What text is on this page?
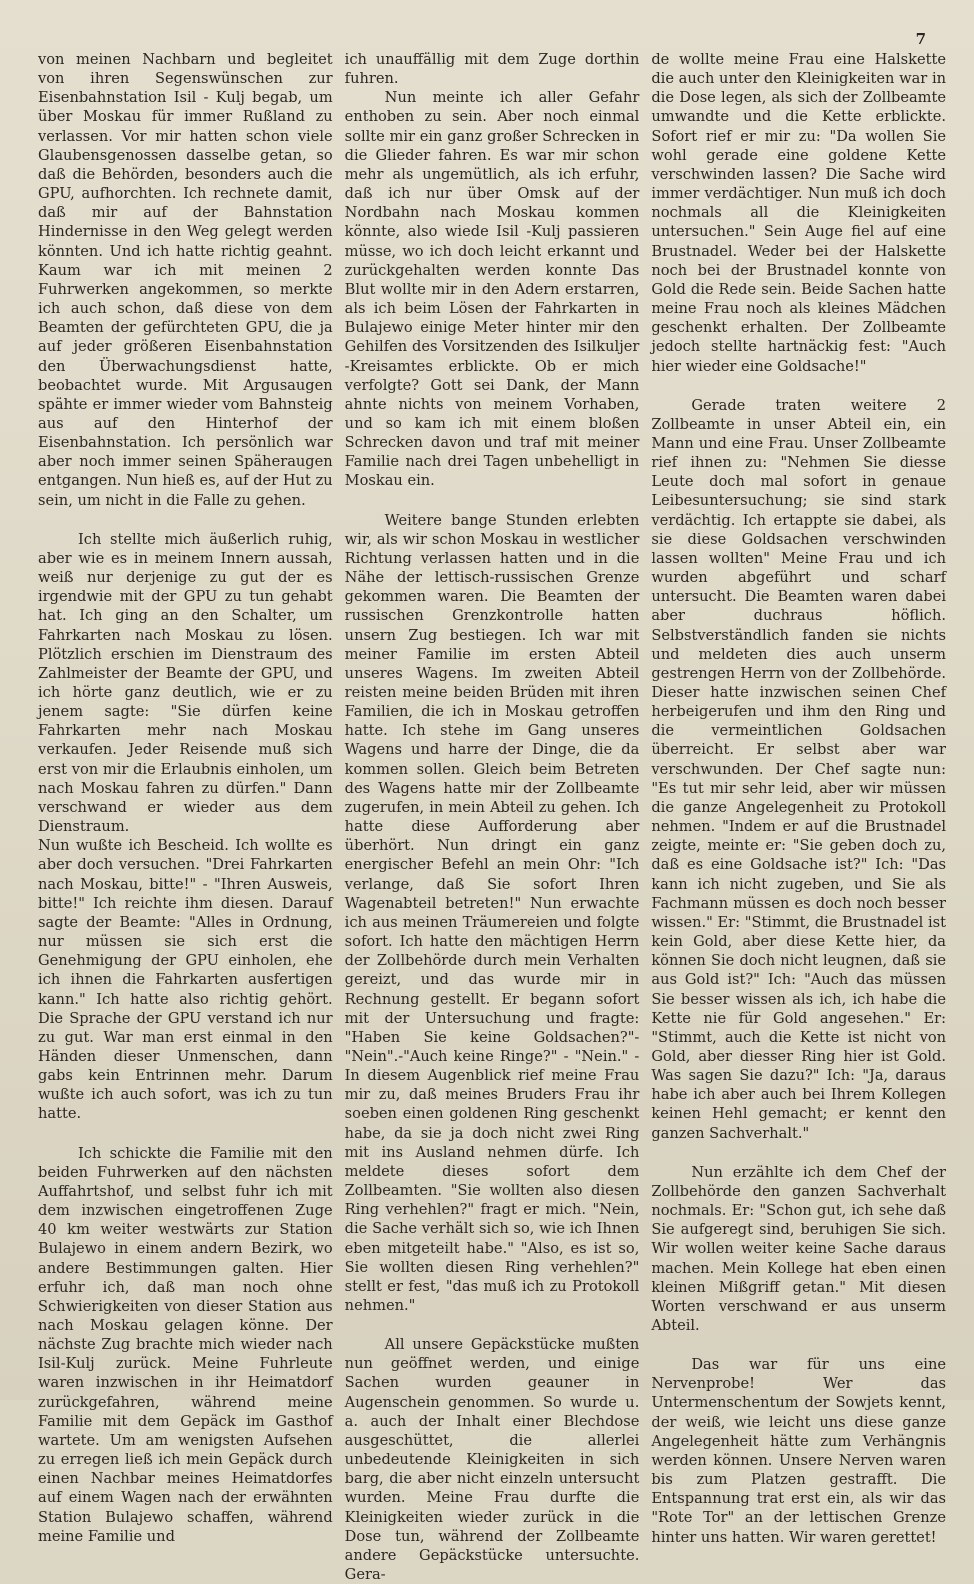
7

von meinen Nachbarn und begleitet von ihren Segenswünschen zur Eisenbahnstation Isil - Kulj begab, um über Moskau für immer Rußland zu verlassen. Vor mir hatten schon viele Glaubensgenossen dasselbe getan, so daß die Behörden, besonders auch die GPU, aufhorchten. Ich rechnete damit, daß mir auf der Bahnstation Hindernisse in den Weg gelegt werden könnten. Und ich hatte richtig geahnt. Kaum war ich mit meinen 2 Fuhrwerken angekommen, so merkte ich auch schon, daß diese von dem Beamten der gefürchteten GPU, die ja auf jeder größeren Eisenbahnstation den Überwachungsdienst hatte, beobachtet wurde. Mit Argusaugen spähte er immer wieder vom Bahnsteig aus auf den Hinterhof der Eisenbahnstation. Ich persönlich war aber noch immer seinen Späheraugen entgangen. Nun hieß es, auf der Hut zu sein, um nicht in die Falle zu gehen.

Ich stellte mich äußerlich ruhig, aber wie es in meinem Innern aussah, weiß nur derjenige zu gut der es irgendwie mit der GPU zu tun gehabt hat. Ich ging an den Schalter, um Fahrkarten nach Moskau zu lösen. Plötzlich erschien im Dienstraum des Zahlmeister der Beamte der GPU, und ich hörte ganz deutlich, wie er zu jenem sagte: "Sie dürfen keine Fahrkarten mehr nach Moskau verkaufen. Jeder Reisende muß sich erst von mir die Erlaubnis einholen, um nach Moskau fahren zu dürfen." Dann verschwand er wieder aus dem Dienstraum.

Nun wußte ich Bescheid. Ich wollte es aber doch versuchen. "Drei Fahrkarten nach Moskau, bitte!" - "Ihren Ausweis, bitte!" Ich reichte ihm diesen. Darauf sagte der Beamte: "Alles in Ordnung, nur müssen sie sich erst die Genehmigung der GPU einholen, ehe ich ihnen die Fahrkarten ausfertigen kann." Ich hatte also richtig gehört. Die Sprache der GPU verstand ich nur zu gut. War man erst einmal in den Händen dieser Unmenschen, dann gabs kein Entrinnen mehr. Darum wußte ich auch sofort, was ich zu tun hatte.

Ich schickte die Familie mit den beiden Fuhrwerken auf den nächsten Auffahrtshof, und selbst fuhr ich mit dem inzwischen eingetroffenen Zuge 40 km weiter westwärts zur Station Bulajewo in einem andern Bezirk, wo andere Bestimmungen galten. Hier erfuhr ich, daß man noch ohne Schwierigkeiten von dieser Station aus nach Moskau gelagen könne. Der nächste Zug brachte mich wieder nach Isil-Kulj zurück. Meine Fuhrleute waren inzwischen in ihr Heimatdorf zurückgefahren, während meine Familie mit dem Gepäck im Gasthof wartete. Um am wenigsten Aufsehen zu erregen ließ ich mein Gepäck durch einen Nachbar meines Heimatdorfes auf einem Wagen nach der erwähnten Station Bulajewo schaffen, während meine Familie und

ich unauffällig mit dem Zuge dorthin fuhren.

Nun meinte ich aller Gefahr enthoben zu sein. Aber noch einmal sollte mir ein ganz großer Schrecken in die Glieder fahren. Es war mir schon mehr als ungemütlich, als ich erfuhr, daß ich nur über Omsk auf der Nordbahn nach Moskau kommen könnte, also wiede Isil -Kulj passieren müsse, wo ich doch leicht erkannt und zurückgehalten werden konnte Das Blut wollte mir in den Adern erstarren, als ich beim Lösen der Fahrkarten in Bulajewo einige Meter hinter mir den Gehilfen des Vorsitzenden des Isilkuljer -Kreisamtes erblickte. Ob er mich verfolgte? Gott sei Dank, der Mann ahnte nichts von meinem Vorhaben, und so kam ich mit einem bloßen Schrecken davon und traf mit meiner Familie nach drei Tagen unbehelligt in Moskau ein.

Weitere bange Stunden erlebten wir, als wir schon Moskau in westlicher Richtung verlassen hatten und in die Nähe der lettisch-russischen Grenze gekommen waren. Die Beamten der russischen Grenzkontrolle hatten unsern Zug bestiegen. Ich war mit meiner Familie im ersten Abteil unseres Wagens. Im zweiten Abteil reisten meine beiden Brüden mit ihren Familien, die ich in Moskau getroffen hatte. Ich stehe im Gang unseres Wagens und harre der Dinge, die da kommen sollen. Gleich beim Betreten des Wagens hatte mir der Zollbeamte zugerufen, in mein Abteil zu gehen. Ich hatte diese Aufforderung aber überhört. Nun dringt ein ganz energischer Befehl an mein Ohr: "Ich verlange, daß Sie sofort Ihren Wagenabteil betreten!" Nun erwachte ich aus meinen Träumereien und folgte sofort. Ich hatte den mächtigen Herrn der Zollbehörde durch mein Verhalten gereizt, und das wurde mir in Rechnung gestellt. Er begann sofort mit der Untersuchung und fragte: "Haben Sie keine Goldsachen?"-"Nein".-"Auch keine Ringe?" - "Nein." - In diesem Augenblick rief meine Frau mir zu, daß meines Bruders Frau ihr soeben einen goldenen Ring geschenkt habe, da sie ja doch nicht zwei Ring mit ins Ausland nehmen dürfe. Ich meldete dieses sofort dem Zollbeamten. "Sie wollten also diesen Ring verhehlen?" fragt er mich. "Nein, die Sache verhält sich so, wie ich Ihnen eben mitgeteilt habe." "Also, es ist so, Sie wollten diesen Ring verhehlen?" stellt er fest, "das muß ich zu Protokoll nehmen."

All unsere Gepäckstücke mußten nun geöffnet werden, und einige Sachen wurden geauner in Augenschein genommen. So wurde u. a. auch der Inhalt einer Blechdose ausgeschüttet, die allerlei unbedeutende Kleinigkeiten in sich barg, die aber nicht einzeln untersucht wurden. Meine Frau durfte die Kleinigkeiten wieder zurück in die Dose tun, während der Zollbeamte andere Gepäckstücke untersuchte. Gera-

de wollte meine Frau eine Halskette die auch unter den Kleinigkeiten war in die Dose legen, als sich der Zollbeamte umwandte und die Kette erblickte. Sofort rief er mir zu: "Da wollen Sie wohl gerade eine goldene Kette verschwinden lassen? Die Sache wird immer verdächtiger. Nun muß ich doch nochmals all die Kleinigkeiten untersuchen." Sein Auge fiel auf eine Brustnadel. Weder bei der Halskette noch bei der Brustnadel konnte von Gold die Rede sein. Beide Sachen hatte meine Frau noch als kleines Mädchen geschenkt erhalten. Der Zollbeamte jedoch stellte hartnäckig fest: "Auch hier wieder eine Goldsache!"

Gerade traten weitere 2 Zollbeamte in unser Abteil ein, ein Mann und eine Frau. Unser Zollbeamte rief ihnen zu: "Nehmen Sie diesse Leute doch mal sofort in genaue Leibesuntersuchung; sie sind stark verdächtig. Ich ertappte sie dabei, als sie diese Goldsachen verschwinden lassen wollten" Meine Frau und ich wurden abgeführt und scharf untersucht. Die Beamten waren dabei aber duchraus höflich. Selbstverständlich fanden sie nichts und meldeten dies auch unserm gestrengen Herrn von der Zollbehörde. Dieser hatte inzwischen seinen Chef herbeigerufen und ihm den Ring und die vermeintlichen Goldsachen überreicht. Er selbst aber war verschwunden. Der Chef sagte nun: "Es tut mir sehr leid, aber wir müssen die ganze Angelegenheit zu Protokoll nehmen. "Indem er auf die Brustnadel zeigte, meinte er: "Sie geben doch zu, daß es eine Goldsache ist?" Ich: "Das kann ich nicht zugeben, und Sie als Fachmann müssen es doch noch besser wissen." Er: "Stimmt, die Brustnadel ist kein Gold, aber diese Kette hier, da können Sie doch nicht leugnen, daß sie aus Gold ist?" Ich: "Auch das müssen Sie besser wissen als ich, ich habe die Kette nie für Gold angesehen." Er: "Stimmt, auch die Kette ist nicht von Gold, aber diesser Ring hier ist Gold. Was sagen Sie dazu?" Ich: "Ja, daraus habe ich aber auch bei Ihrem Kollegen keinen Hehl gemacht; er kennt den ganzen Sachverhalt."

Nun erzählte ich dem Chef der Zollbehörde den ganzen Sachverhalt nochmals. Er: "Schon gut, ich sehe daß Sie aufgeregt sind, beruhigen Sie sich. Wir wollen weiter keine Sache daraus machen. Mein Kollege hat eben einen kleinen Mißgriff getan." Mit diesen Worten verschwand er aus unserm Abteil.

Das war für uns eine Nervenprobe! Wer das Untermenschentum der Sowjets kennt, der weiß, wie leicht uns diese ganze Angelegenheit hätte zum Verhängnis werden können. Unsere Nerven waren bis zum Platzen gestrafft. Die Entspannung trat erst ein, als wir das "Rote Tor" an der lettischen Grenze hinter uns hatten. Wir waren gerettet!
